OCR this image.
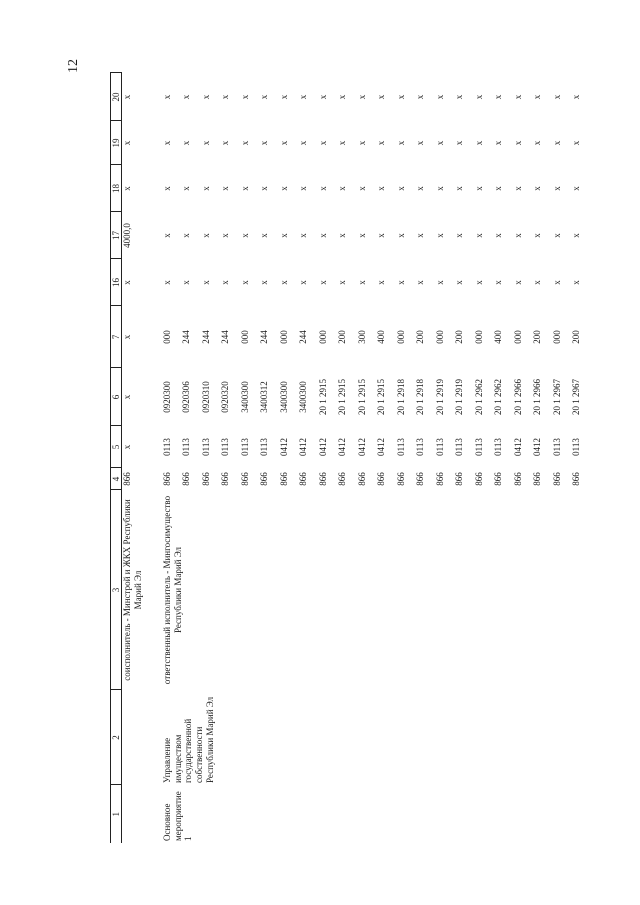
12
1	2	3	4	5	6	7	16	17	18	19	20

		соисполнитель - Минстрой и ЖКХ Республики Марий Эл	866	x	x	x	x	4000,0	x	x	x

Основное мероприятие 1	Управление имуществом государственной собственности Республики Марий Эл	ответственный исполнитель - Мингосимущество Республики Марий Эл	866	0113	0920300	000	x	x	x	x	x
			866	0113	0920306	244	x	x	x	x	x
			866	0113	0920310	244	x	x	x	x	x
			866	0113	0920320	244	x	x	x	x	x
			866	0113	3400300	000	x	x	x	x	x
			866	0113	3400312	244	x	x	x	x	x
			866	0412	3400300	000	x	x	x	x	x
			866	0412	3400300	244	x	x	x	x	x
			866	0412	20 1 2915	000	x	x	x	x	x
			866	0412	20 1 2915	200	x	x	x	x	x
			866	0412	20 1 2915	300	x	x	x	x	x
			866	0412	20 1 2915	400	x	x	x	x	x
			866	0113	20 1 2918	000	x	x	x	x	x
			866	0113	20 1 2918	200	x	x	x	x	x
			866	0113	20 1 2919	000	x	x	x	x	x
			866	0113	20 1 2919	200	x	x	x	x	x
			866	0113	20 1 2962	000	x	x	x	x	x
			866	0113	20 1 2962	400	x	x	x	x	x
			866	0412	20 1 2966	000	x	x	x	x	x
			866	0412	20 1 2966	200	x	x	x	x	x
			866	0113	20 1 2967	000	x	x	x	x	x
			866	0113	20 1 2967	200	x	x	x	x	x
